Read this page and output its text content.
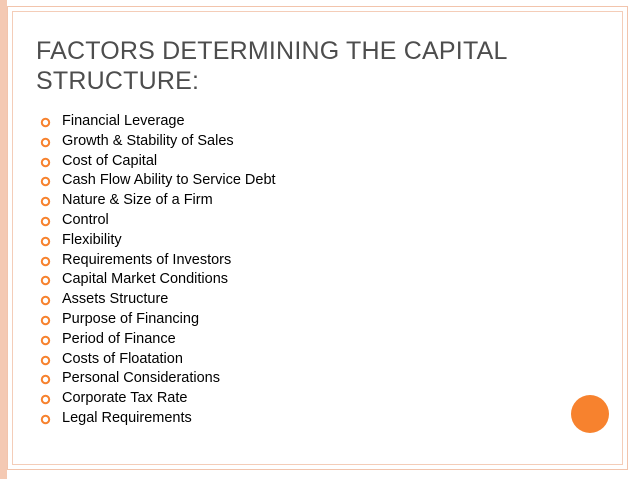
FACTORS DETERMINING THE CAPITAL STRUCTURE:
Financial Leverage
Growth & Stability of Sales
Cost of Capital
Cash Flow Ability to Service Debt
Nature & Size of a Firm
Control
Flexibility
Requirements of Investors
Capital Market Conditions
Assets Structure
Purpose of Financing
Period of Finance
Costs of Floatation
Personal Considerations
Corporate Tax Rate
Legal Requirements
